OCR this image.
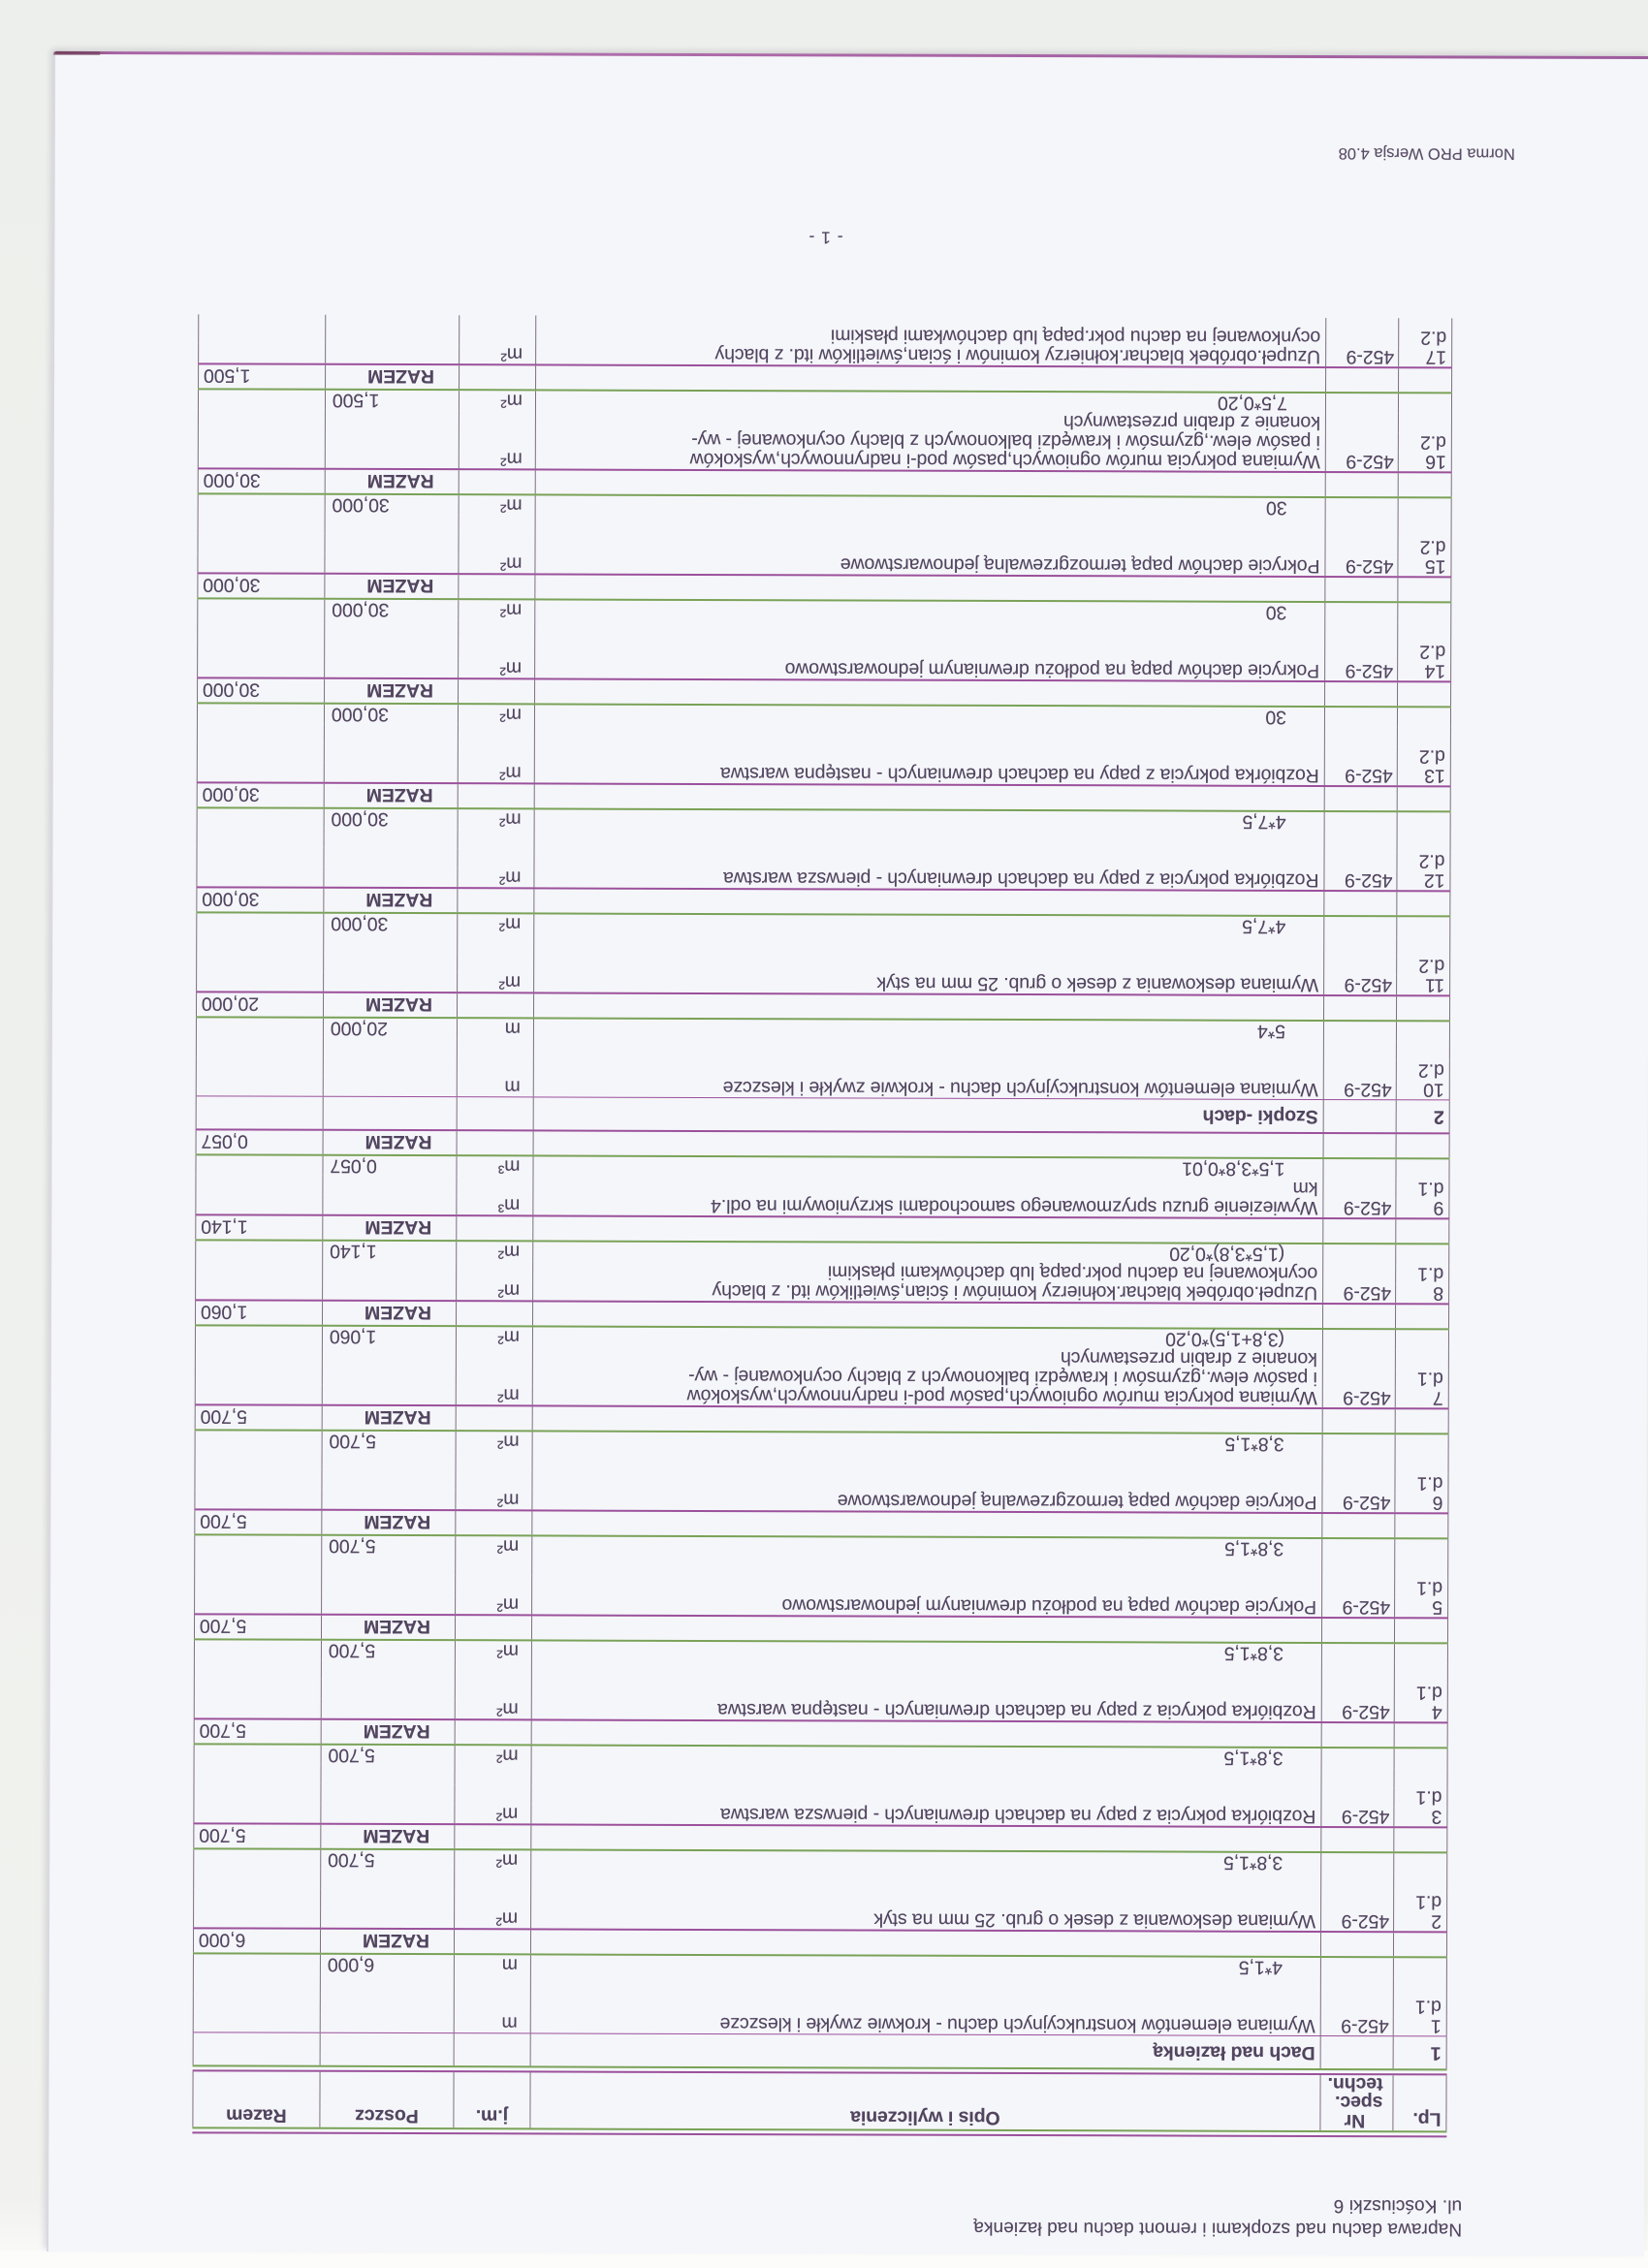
Naprawa dachu nad szopkami i remont dachu nad łazienką
ul. Kościuszki 6
Lp.
Nr
spec.
techn.
Opis i wyliczenia
j.m.
Poszcz
Razem
1
Dach nad łazienką
1
452-9
Wymiana elementów konstrukcyjnych dachu - krokwie zwykłe i kleszcze
m
d.1
4*1,5
m
6,000
RAZEM
6,000
2
452-9
Wymiana deskowania z desek o grub. 25 mm na styk
m²
d.1
3,8*1,5
m²
5,700
RAZEM
5,700
3
452-9
Rozbiórka pokrycia z papy na dachach drewnianych - pierwsza warstwa
m²
d.1
3,8*1,5
m²
5,700
RAZEM
5,700
4
452-9
Rozbiórka pokrycia z papy na dachach drewnianych - następna warstwa
m²
d.1
3,8*1,5
m²
5,700
RAZEM
5,700
5
452-9
Pokrycie dachów papą na podłożu drewnianym jednowarstwowo
m²
d.1
3,8*1,5
m²
5,700
RAZEM
5,700
6
452-9
Pokrycie dachów papą termozgrzewalną jednowarstwowe
m²
d.1
3,8*1,5
m²
5,700
RAZEM
5,700
7
452-9
Wymiana pokrycia murów ogniowych,pasów pod-i nadrynnowych,wyskoków
m²
d.1
i pasów elew.,gzymsów i krawędzi balkonowych z blachy ocynkowanej - wy-
konanie z drabin przestawnych
(3,8+1,5)*0,20
m²
1,060
RAZEM
1,060
8
452-9
Uzupeł.obróbek blachar.kołnierzy kominów i ścian,świetlików itd. z blachy
m²
d.1
ocynkowanej na dachu pokr.papą lub dachówkami płaskimi
(1,5*3,8)*0,20
m²
1,140
RAZEM
1,140
9
452-9
Wywiezienie gruzu spryzmowanego samochodami skrzyniowymi na odl.4
m³
d.1
km
1,5*3,8*0,01
m³
0,057
RAZEM
0,057
2
Szopki -dach
10
452-9
Wymiana elementów konstrukcyjnych dachu - krokwie zwykłe i kleszcze
m
d.2
5*4
m
20,000
RAZEM
20,000
11
452-9
Wymiana deskowania z desek o grub. 25 mm na styk
m²
d.2
4*7,5
m²
30,000
RAZEM
30,000
12
452-9
Rozbiórka pokrycia z papy na dachach drewnianych - pierwsza warstwa
m²
d.2
4*7,5
m²
30,000
RAZEM
30,000
13
452-9
Rozbiórka pokrycia z papy na dachach drewnianych - następna warstwa
m²
d.2
30
m²
30,000
RAZEM
30,000
14
452-9
Pokrycie dachów papą na podłożu drewnianym jednowarstwowo
m²
d.2
30
m²
30,000
RAZEM
30,000
15
452-9
Pokrycie dachów papą termozgrzewalną jednowarstwowe
m²
d.2
30
m²
30,000
RAZEM
30,000
16
452-9
Wymiana pokrycia murów ogniowych,pasów pod-i nadrynnowych,wyskoków
m²
d.2
i pasów elew.,gzymsów i krawędzi balkonowych z blachy ocynkowanej - wy-
konanie z drabin przestawnych
7,5*0,20
m²
1,500
RAZEM
1,500
17
452-9
Uzupeł.obróbek blachar.kołnierzy kominów i ścian,świetlików itd. z blachy
m²
d.2
ocynkowanej na dachu pokr.papą lub dachówkami płaskimi
- 1 -
Norma PRO Wersja 4.08
